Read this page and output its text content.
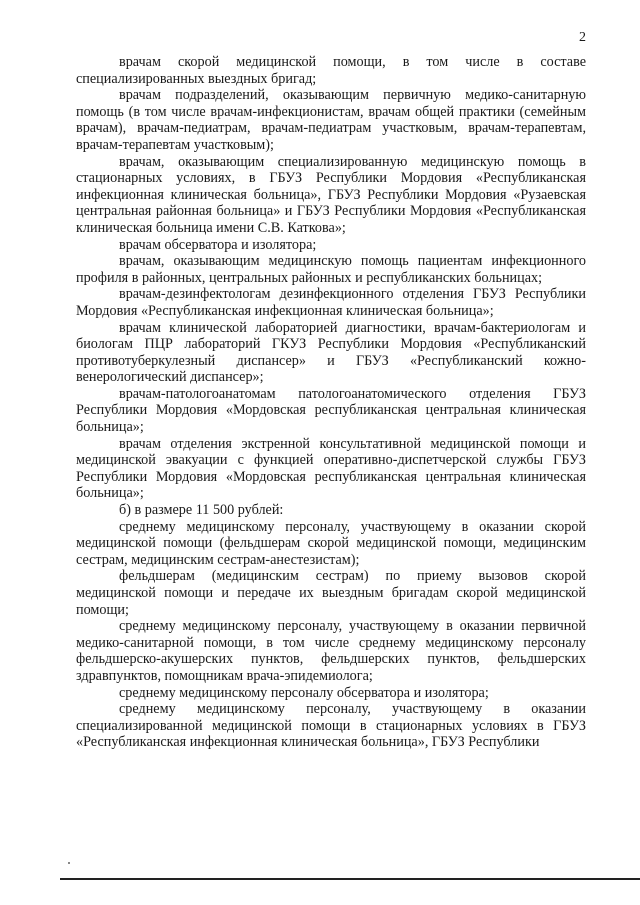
2

врачам скорой медицинской помощи, в том числе в составе специализированных выездных бригад;

врачам подразделений, оказывающим первичную медико-санитарную помощь (в том числе врачам-инфекционистам, врачам общей практики (семейным врачам), врачам-педиатрам, врачам-педиатрам участковым, врачам-терапевтам, врачам-терапевтам участковым);

врачам, оказывающим специализированную медицинскую помощь в стационарных условиях, в ГБУЗ Республики Мордовия «Республиканская инфекционная клиническая больница», ГБУЗ Республики Мордовия «Рузаевская центральная районная больница» и ГБУЗ Республики Мордовия «Республиканская клиническая больница имени С.В. Каткова»;

врачам обсерватора и изолятора;

врачам, оказывающим медицинскую помощь пациентам инфекционного профиля в районных, центральных районных и республиканских больницах;

врачам-дезинфектологам дезинфекционного отделения ГБУЗ Республики Мордовия «Республиканская инфекционная клиническая больница»;

врачам клинической лабораторией диагностики, врачам-бактериологам и биологам ПЦР лабораторий ГКУЗ Республики Мордовия «Республиканский противотуберкулезный диспансер» и ГБУЗ «Республиканский кожно-венерологический диспансер»;

врачам-патологоанатомам патологоанатомического отделения ГБУЗ Республики Мордовия «Мордовская республиканская центральная клиническая больница»;

врачам отделения экстренной консультативной медицинской помощи и медицинской эвакуации с функцией оперативно-диспетчерской службы ГБУЗ Республики Мордовия «Мордовская республиканская центральная клиническая больница»;

б) в размере 11 500 рублей:

среднему медицинскому персоналу, участвующему в оказании скорой медицинской помощи (фельдшерам скорой медицинской помощи, медицинским сестрам, медицинским сестрам-анестезистам);

фельдшерам (медицинским сестрам) по приему вызовов скорой медицинской помощи и передаче их выездным бригадам скорой медицинской помощи;

среднему медицинскому персоналу, участвующему в оказании первичной медико-санитарной помощи, в том числе среднему медицинскому персоналу фельдшерско-акушерских пунктов, фельдшерских пунктов, фельдшерских здравпунктов, помощникам врача-эпидемиолога;

среднему медицинскому персоналу обсерватора и изолятора;

среднему медицинскому персоналу, участвующему в оказании специализированной медицинской помощи в стационарных условиях в ГБУЗ «Республиканская инфекционная клиническая больница», ГБУЗ Республики
